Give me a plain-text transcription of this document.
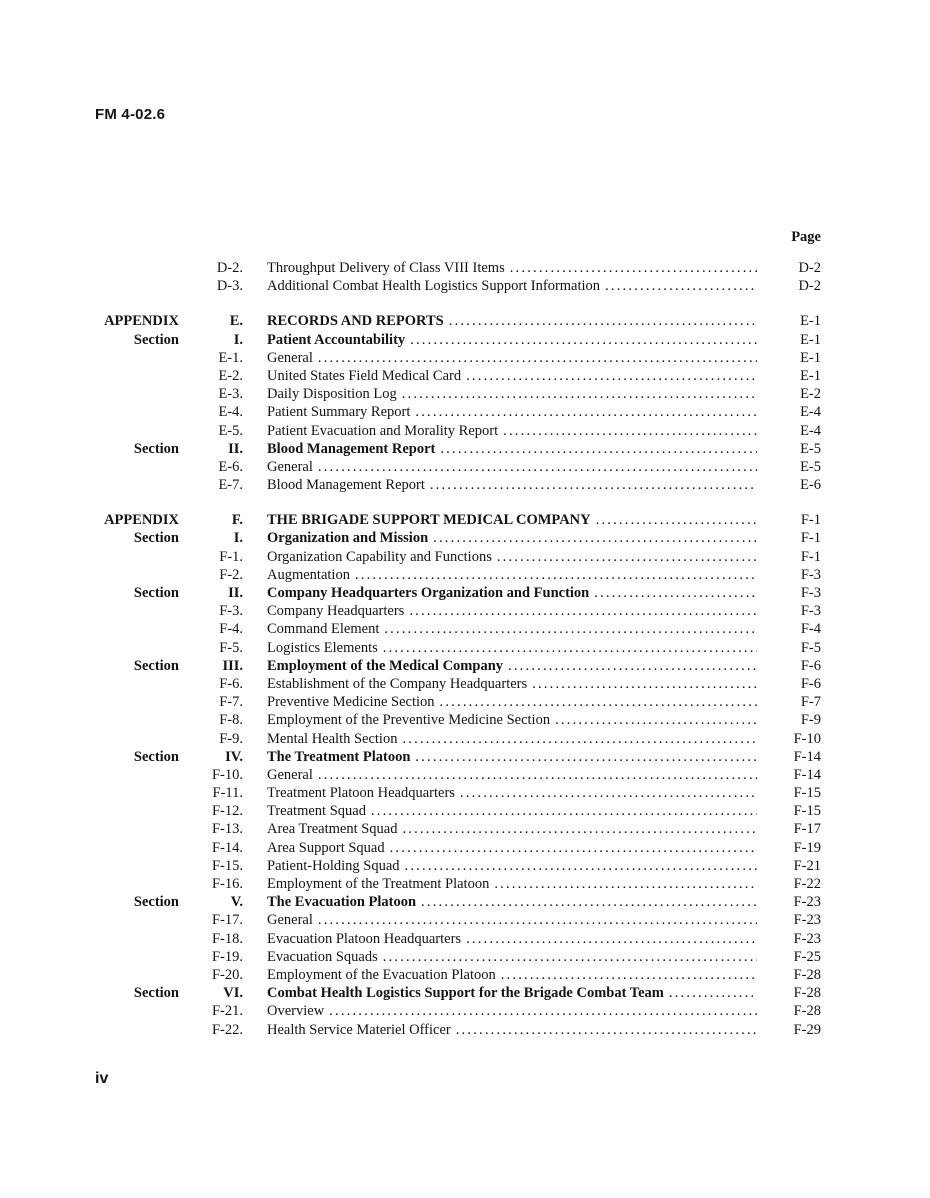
FM 4-02.6
Page
D-2.	Throughput Delivery of Class VIII Items .....	D-2
D-3.	Additional Combat Health Logistics Support Information .....	D-2
APPENDIX	E.	RECORDS AND REPORTS .....	E-1
Section	I.	Patient Accountability .....	E-1
E-1.	General .....	E-1
E-2.	United States Field Medical Card .....	E-1
E-3.	Daily Disposition Log .....	E-2
E-4.	Patient Summary Report .....	E-4
E-5.	Patient Evacuation and Morality Report .....	E-4
Section	II.	Blood Management Report .....	E-5
E-6.	General .....	E-5
E-7.	Blood Management Report .....	E-6
APPENDIX	F.	THE BRIGADE SUPPORT MEDICAL COMPANY .....	F-1
Section	I.	Organization and Mission .....	F-1
F-1.	Organization Capability and Functions .....	F-1
F-2.	Augmentation .....	F-3
Section	II.	Company Headquarters Organization and Function .....	F-3
F-3.	Company Headquarters .....	F-3
F-4.	Command Element .....	F-4
F-5.	Logistics Elements .....	F-5
Section	III.	Employment of the Medical Company .....	F-6
F-6.	Establishment of the Company Headquarters .....	F-6
F-7.	Preventive Medicine Section .....	F-7
F-8.	Employment of the Preventive Medicine Section .....	F-9
F-9.	Mental Health Section .....	F-10
Section	IV.	The Treatment Platoon .....	F-14
F-10.	General .....	F-14
F-11.	Treatment Platoon Headquarters .....	F-15
F-12.	Treatment Squad .....	F-15
F-13.	Area Treatment Squad .....	F-17
F-14.	Area Support Squad .....	F-19
F-15.	Patient-Holding Squad .....	F-21
F-16.	Employment of the Treatment Platoon .....	F-22
Section	V.	The Evacuation Platoon .....	F-23
F-17.	General .....	F-23
F-18.	Evacuation Platoon Headquarters .....	F-23
F-19.	Evacuation Squads .....	F-25
F-20.	Employment of the Evacuation Platoon .....	F-28
Section	VI.	Combat Health Logistics Support for the Brigade Combat Team .....	F-28
F-21.	Overview .....	F-28
F-22.	Health Service Materiel Officer .....	F-29
iv
